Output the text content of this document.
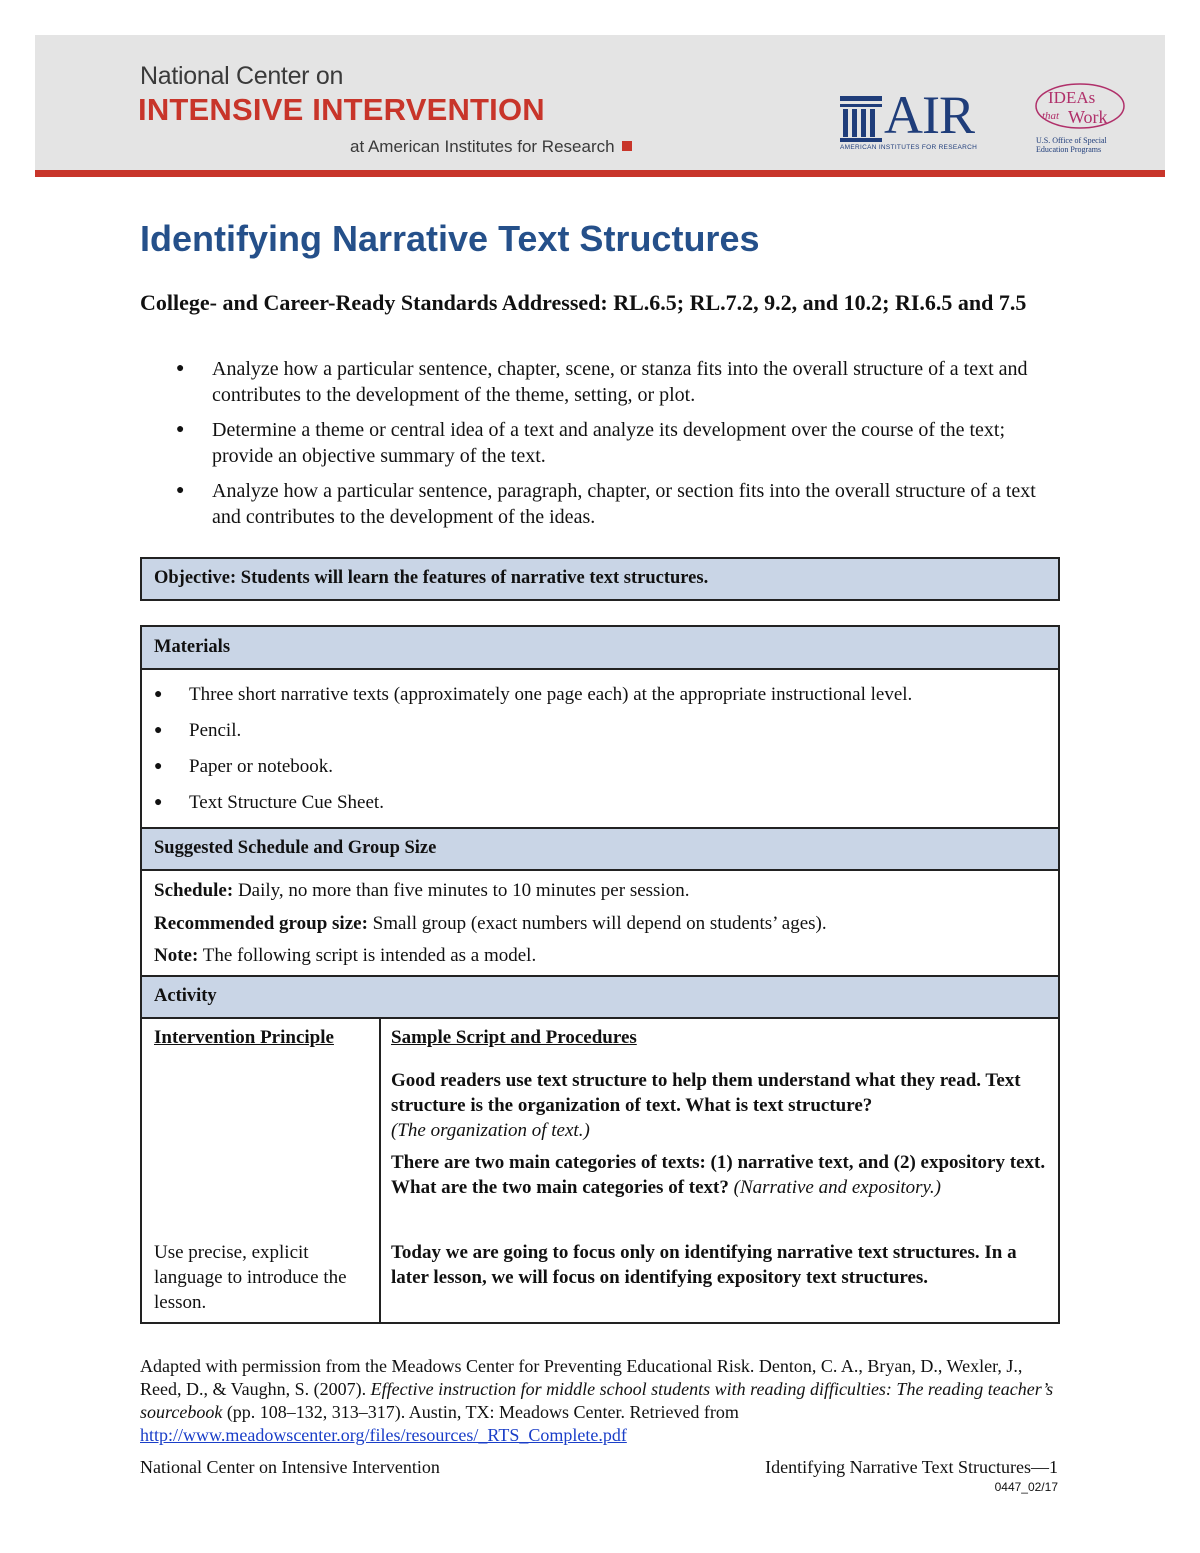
National Center on
INTENSIVE INTERVENTION
at American Institutes for Research
AIR
AMERICAN INSTITUTES FOR RESEARCH
IDEAs
that Work
U.S. Office of Special Education Programs
Identifying Narrative Text Structures
College- and Career-Ready Standards Addressed: RL.6.5; RL.7.2, 9.2, and 10.2; RI.6.5 and 7.5
● Analyze how a particular sentence, chapter, scene, or stanza fits into the overall structure of a text and contributes to the development of the theme, setting, or plot.
● Determine a theme or central idea of a text and analyze its development over the course of the text; provide an objective summary of the text.
● Analyze how a particular sentence, paragraph, chapter, or section fits into the overall structure of a text and contributes to the development of the ideas.
Objective: Students will learn the features of narrative text structures.
Materials
● Three short narrative texts (approximately one page each) at the appropriate instructional level.
● Pencil.
● Paper or notebook.
● Text Structure Cue Sheet.
Suggested Schedule and Group Size
Schedule: Daily, no more than five minutes to 10 minutes per session.
Recommended group size: Small group (exact numbers will depend on students’ ages).
Note: The following script is intended as a model.
Activity
Intervention Principle	Sample Script and Procedures
Good readers use text structure to help them understand what they read. Text structure is the organization of text. What is text structure?
(The organization of text.)
There are two main categories of texts: (1) narrative text, and (2) expository text. What are the two main categories of text? (Narrative and expository.)
Today we are going to focus only on identifying narrative text structures. In a later lesson, we will focus on identifying expository text structures.
Use precise, explicit language to introduce the lesson.
Adapted with permission from the Meadows Center for Preventing Educational Risk. Denton, C. A., Bryan, D., Wexler, J., Reed, D., & Vaughn, S. (2007). Effective instruction for middle school students with reading difficulties: The reading teacher’s sourcebook (pp. 108–132, 313–317). Austin, TX: Meadows Center. Retrieved from http://www.meadowscenter.org/files/resources/_RTS_Complete.pdf
National Center on Intensive Intervention	Identifying Narrative Text Structures—1
0447_02/17
